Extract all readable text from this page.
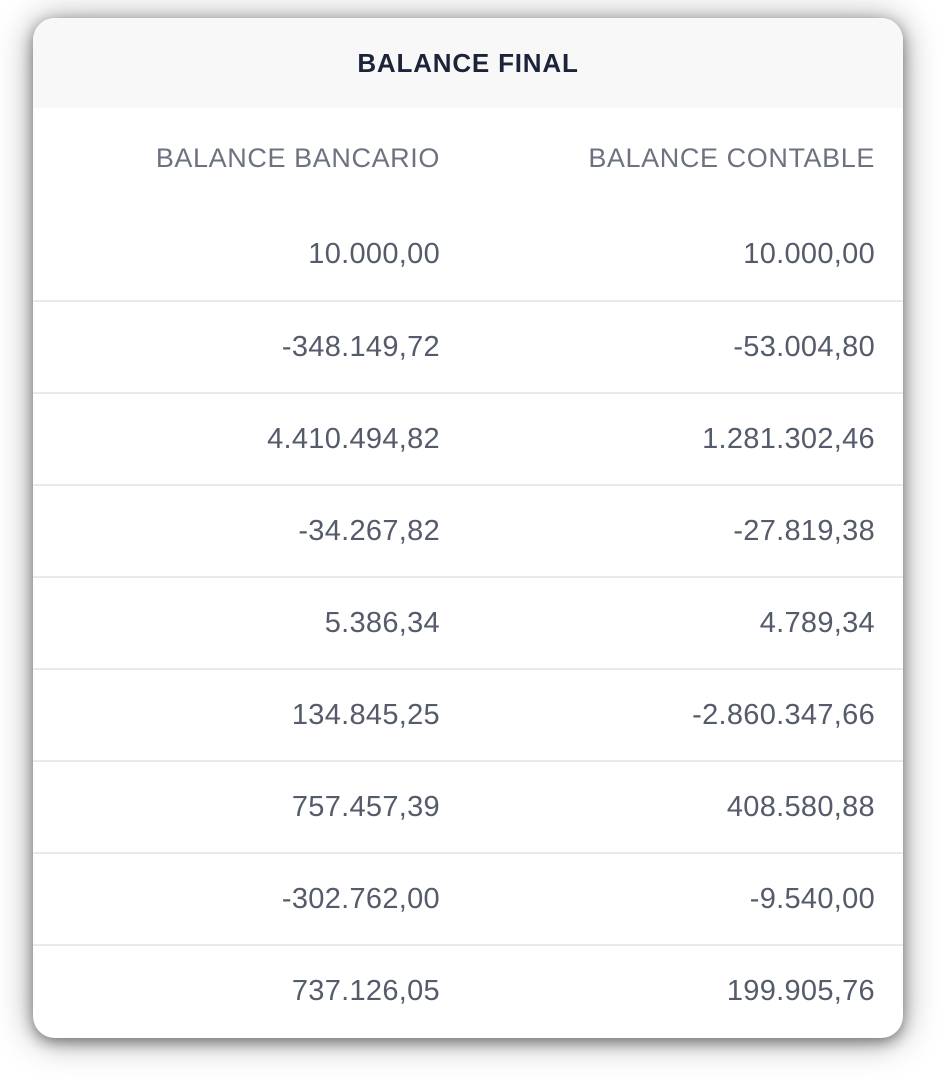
BALANCE FINAL
BALANCE BANCARIO	BALANCE CONTABLE
10.000,00	10.000,00
-348.149,72	-53.004,80
4.410.494,82	1.281.302,46
-34.267,82	-27.819,38
5.386,34	4.789,34
134.845,25	-2.860.347,66
757.457,39	408.580,88
-302.762,00	-9.540,00
737.126,05	199.905,76
